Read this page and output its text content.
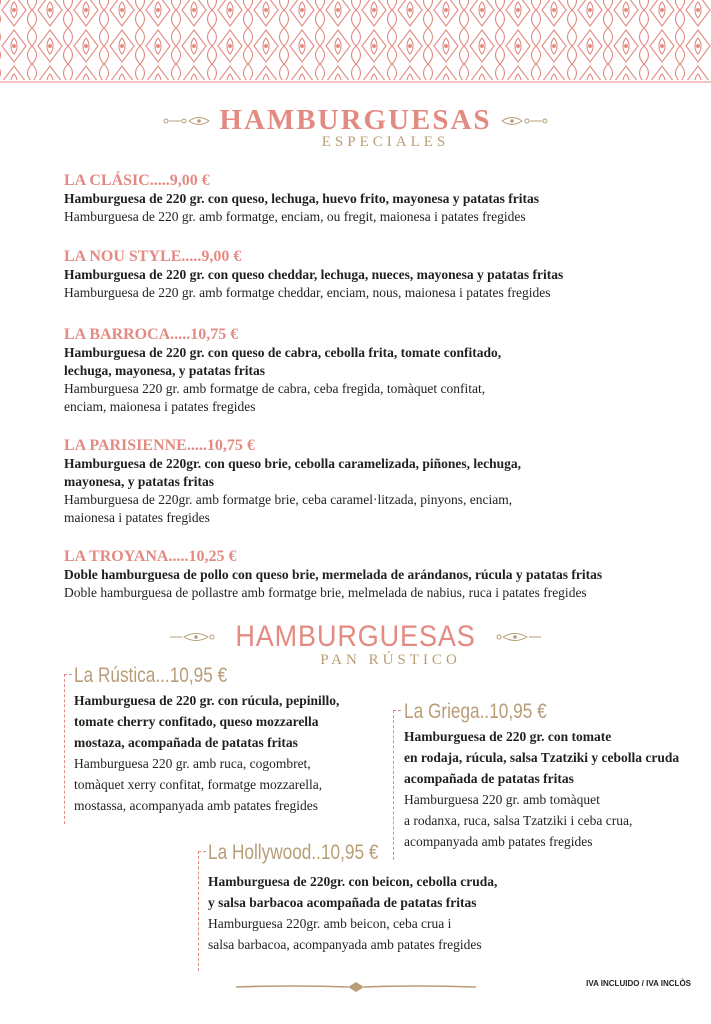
HAMBURGUESAS
ESPECIALES
LA CLÁSIC.....9,00 €
Hamburguesa de 220 gr. con queso, lechuga, huevo frito, mayonesa y patatas fritas
Hamburguesa de 220 gr. amb formatge, enciam, ou fregit, maionesa i patates fregides
LA NOU STYLE.....9,00 €
Hamburguesa de 220 gr. con queso cheddar, lechuga, nueces, mayonesa y patatas fritas
Hamburguesa de 220 gr. amb formatge cheddar, enciam, nous, maionesa i patates fregides
LA BARROCA.....10,75 €
Hamburguesa de 220 gr. con queso de cabra, cebolla frita, tomate confitado,
lechuga, mayonesa, y patatas fritas
Hamburguesa 220 gr. amb formatge de cabra, ceba fregida, tomàquet confitat,
enciam, maionesa i patates fregides
LA PARISIENNE.....10,75 €
Hamburguesa de 220gr. con queso brie, cebolla caramelizada, piñones, lechuga,
mayonesa, y patatas fritas
Hamburguesa de 220gr. amb formatge brie, ceba caramel·litzada, pinyons, enciam,
maionesa i patates fregides
LA TROYANA.....10,25 €
Doble hamburguesa de pollo con queso brie, mermelada de arándanos, rúcula y patatas fritas
Doble hamburguesa de pollastre amb formatge brie, melmelada de nabius, ruca i patates fregides
HAMBURGUESAS
PAN RÚSTICO
La Rústica...10,95 €
Hamburguesa de 220 gr. con rúcula, pepinillo,
tomate cherry confitado, queso mozzarella
mostaza, acompañada de patatas fritas
Hamburguesa 220 gr. amb ruca, cogombret,
tomàquet xerry confitat, formatge mozzarella,
mostassa, acompanyada amb patates fregides
La Griega..10,95 €
Hamburguesa de 220 gr. con tomate
en rodaja, rúcula, salsa Tzatziki y cebolla cruda
acompañada de patatas fritas
Hamburguesa 220 gr. amb tomàquet
a rodanxa, ruca, salsa Tzatziki i ceba crua,
acompanyada amb patates fregides
La Hollywood..10,95 €
Hamburguesa de 220gr. con beicon, cebolla cruda,
y salsa barbacoa acompañada de patatas fritas
Hamburguesa 220gr. amb beicon, ceba crua i
salsa barbacoa, acompanyada amb patates fregides
IVA INCLUIDO / IVA INCLÒS
